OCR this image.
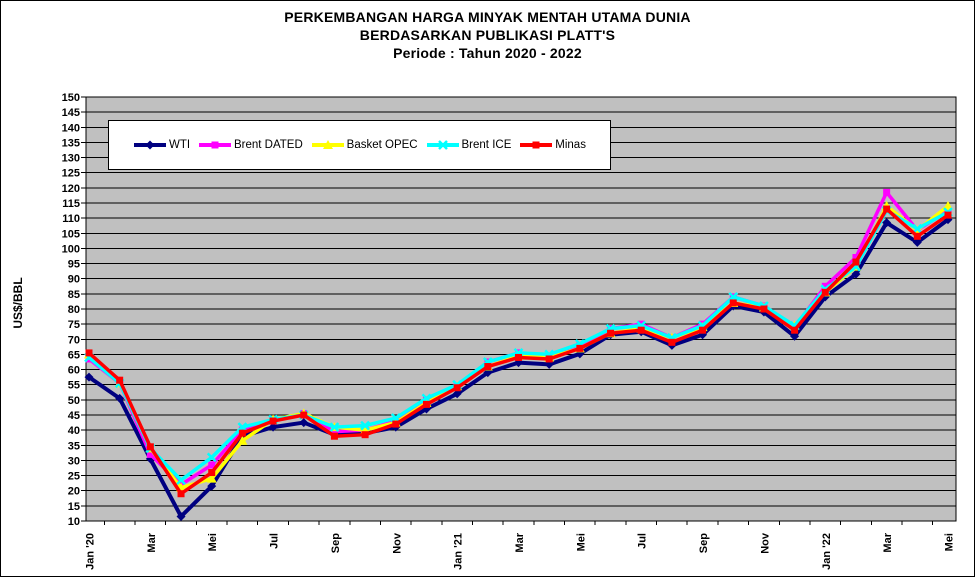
PERKEMBANGAN HARGA MINYAK MENTAH UTAMA DUNIA
BERDASARKAN PUBLIKASI PLATT'S
Periode : Tahun 2020 - 2022
10
15
20
25
30
35
40
45
50
55
60
65
70
75
80
85
90
95
100
105
110
115
120
125
130
135
140
145
150
Jan '20	Mar	Mei	Jul	Sep	Nov	Jan '21	Mar	Mei	Jul	Sep	Nov	Jan '22	Mar	Mei
US$/BBL
WTI	Brent DATED	Basket OPEC	Brent ICE	Minas
